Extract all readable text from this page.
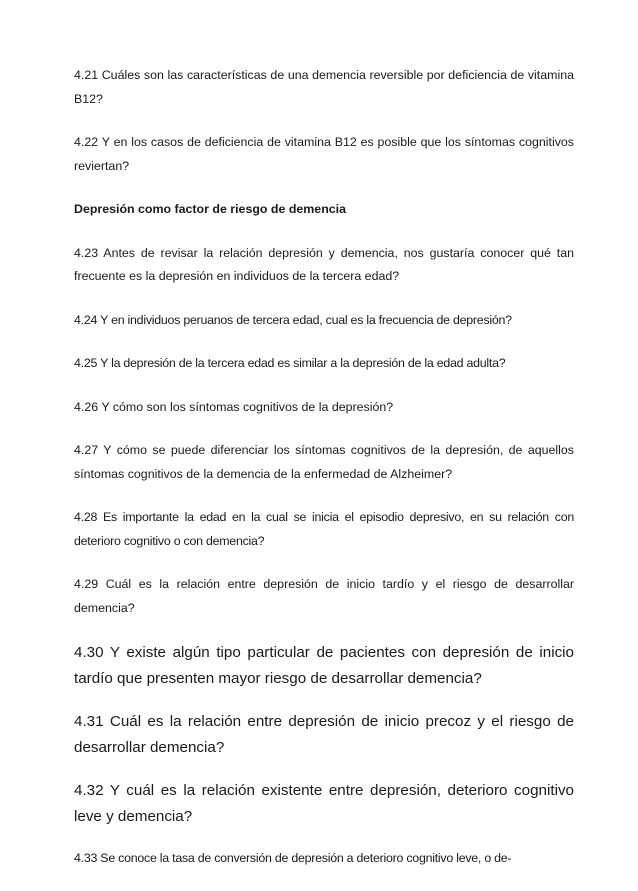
4.21 Cuáles son las características de una demencia reversible por deficiencia de vitamina B12?

4.22 Y en los casos de deficiencia de vitamina B12 es posible que los síntomas cognitivos reviertan?

Depresión como factor de riesgo de demencia

4.23 Antes de revisar la relación depresión y demencia, nos gustaría conocer qué tan frecuente es la depresión en individuos de la tercera edad?

4.24 Y en individuos peruanos de tercera edad, cual es la frecuencia de depresión?

4.25 Y la depresión de la tercera edad es similar a la depresión de la edad adulta?

4.26 Y cómo son los síntomas cognitivos de la depresión?

4.27 Y cómo se puede diferenciar los síntomas cognitivos de la depresión, de aquellos síntomas cognitivos de la demencia de la enfermedad de Alzheimer?

4.28 Es importante la edad en la cual se inicia el episodio depresivo, en su relación con deterioro cognitivo o con demencia?

4.29 Cuál es la relación entre depresión de inicio tardío y el riesgo de desarrollar demencia?

4.30 Y existe algún tipo particular de pacientes con depresión de inicio tardío que presenten mayor riesgo de desarrollar demencia?

4.31 Cuál es la relación entre depresión de inicio precoz y el riesgo de desarrollar demencia?

4.32 Y cuál es la relación existente entre depresión, deterioro cognitivo leve y demencia?

4.33 Se conoce la tasa de conversión de depresión a deterioro cognitivo leve, o de-
